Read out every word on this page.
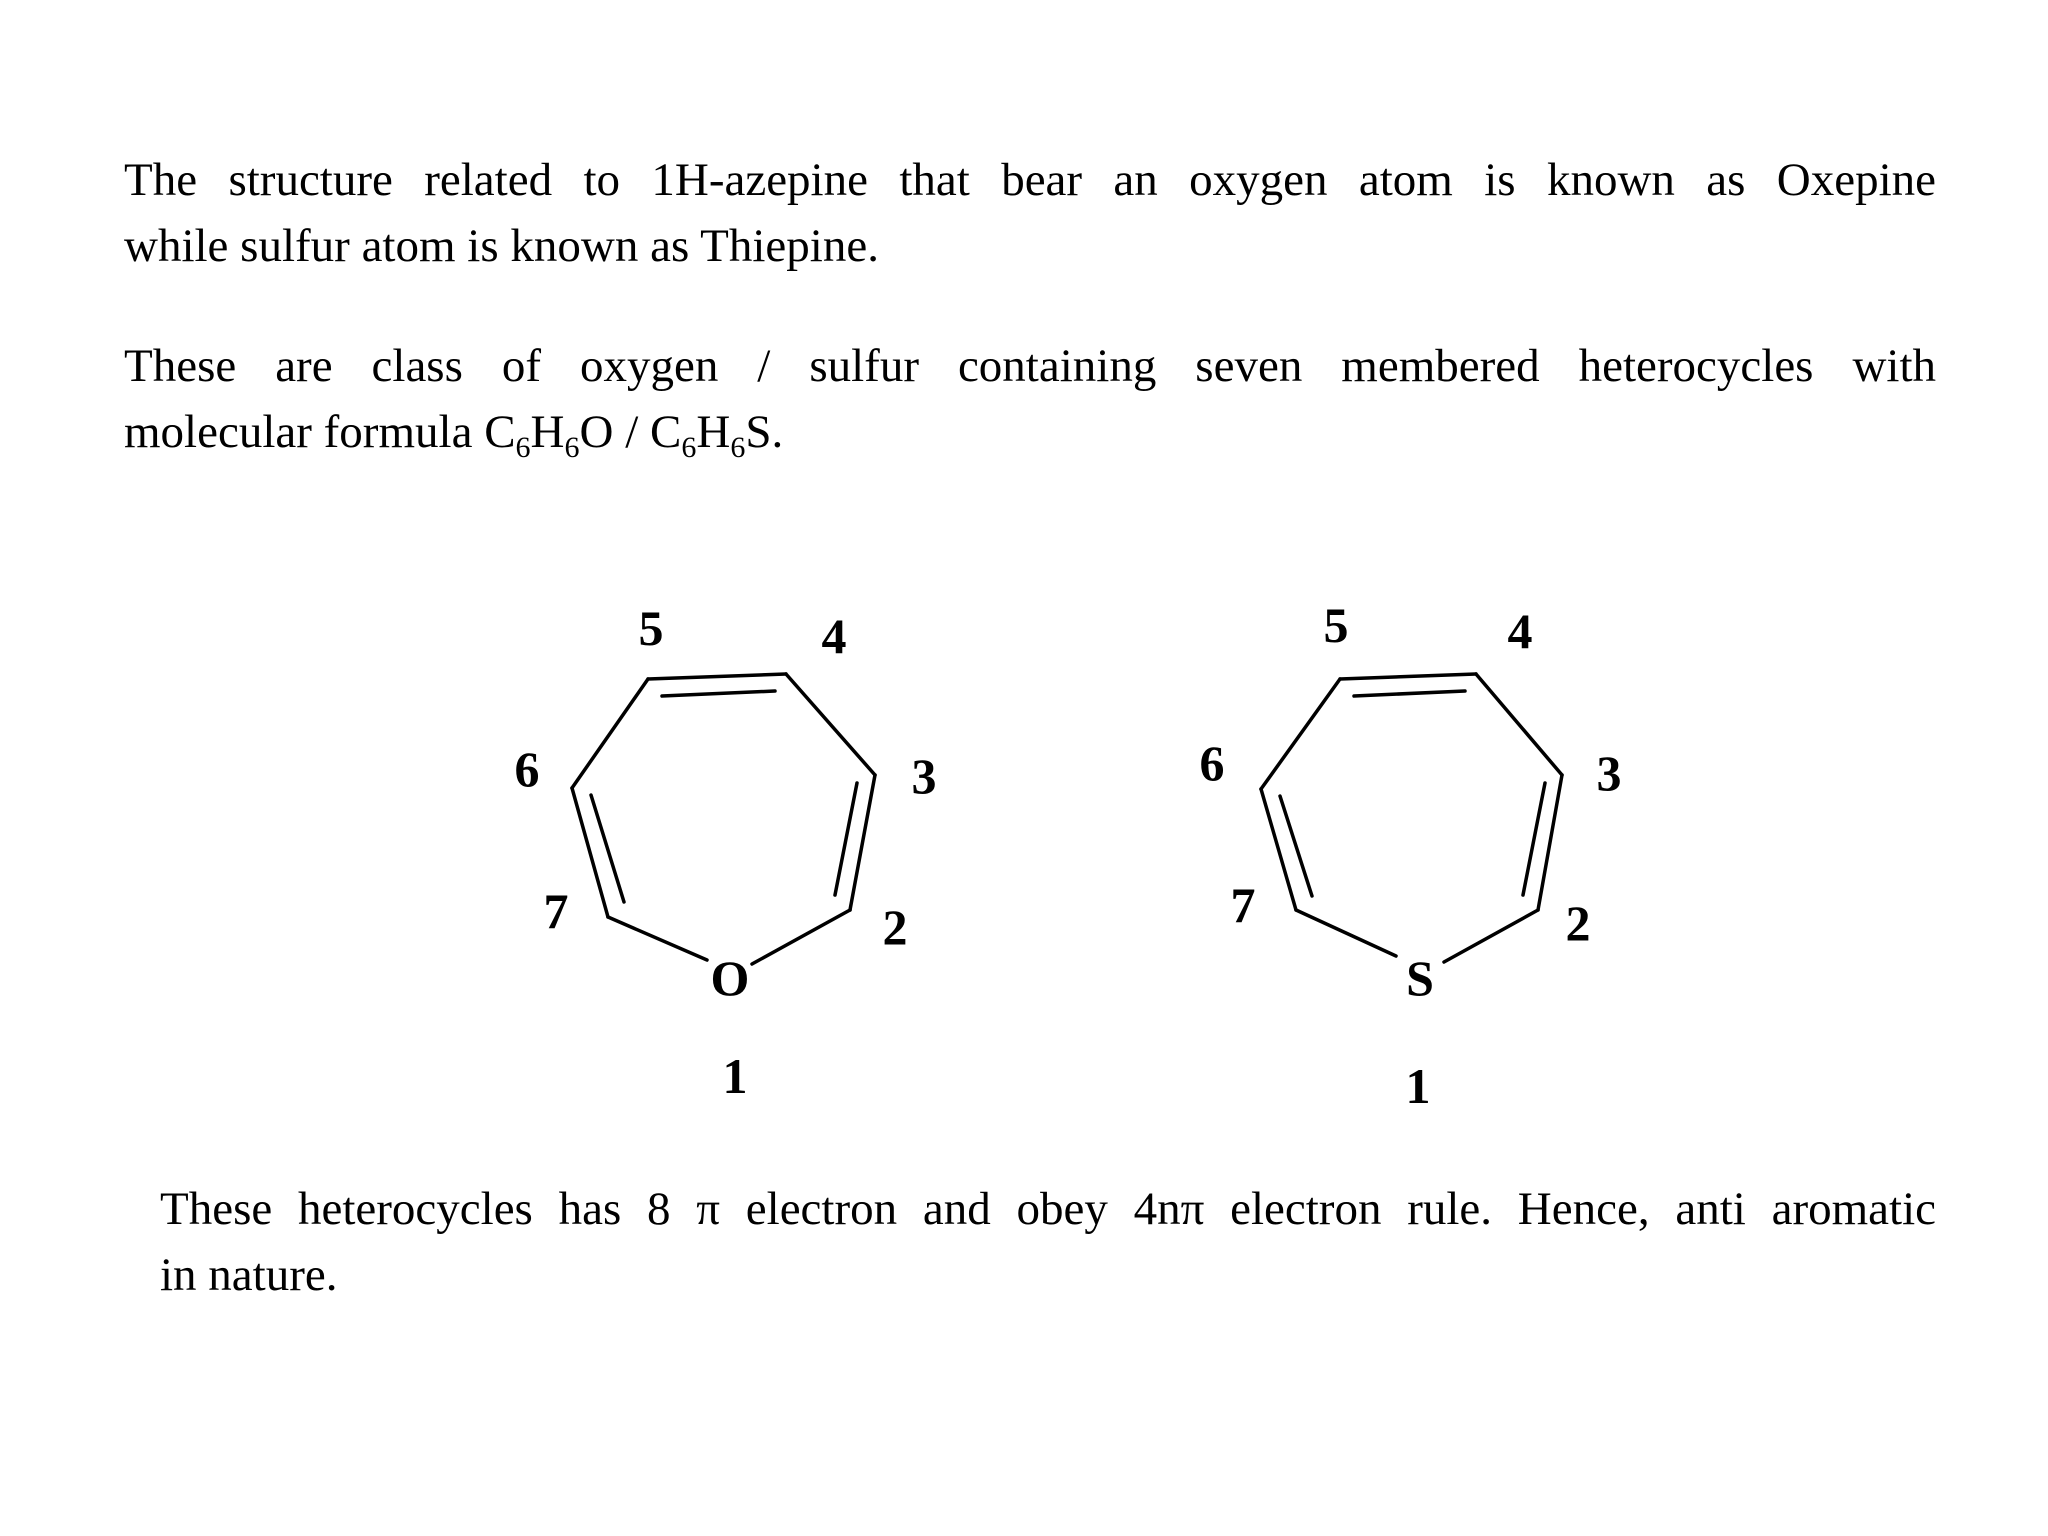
The structure related to 1H-azepine that bear an oxygen atom is known as Oxepine
while sulfur atom is known as Thiepine.
These are class of oxygen / sulfur containing seven membered heterocycles with
molecular formula $C_6H_6O / C_6H_6S$.
O
1
2
3
4
5
6
7
S
1
2
3
4
5
6
7
These heterocycles has 8 π electron and obey 4nπ electron rule. Hence, anti aromatic
in nature.
